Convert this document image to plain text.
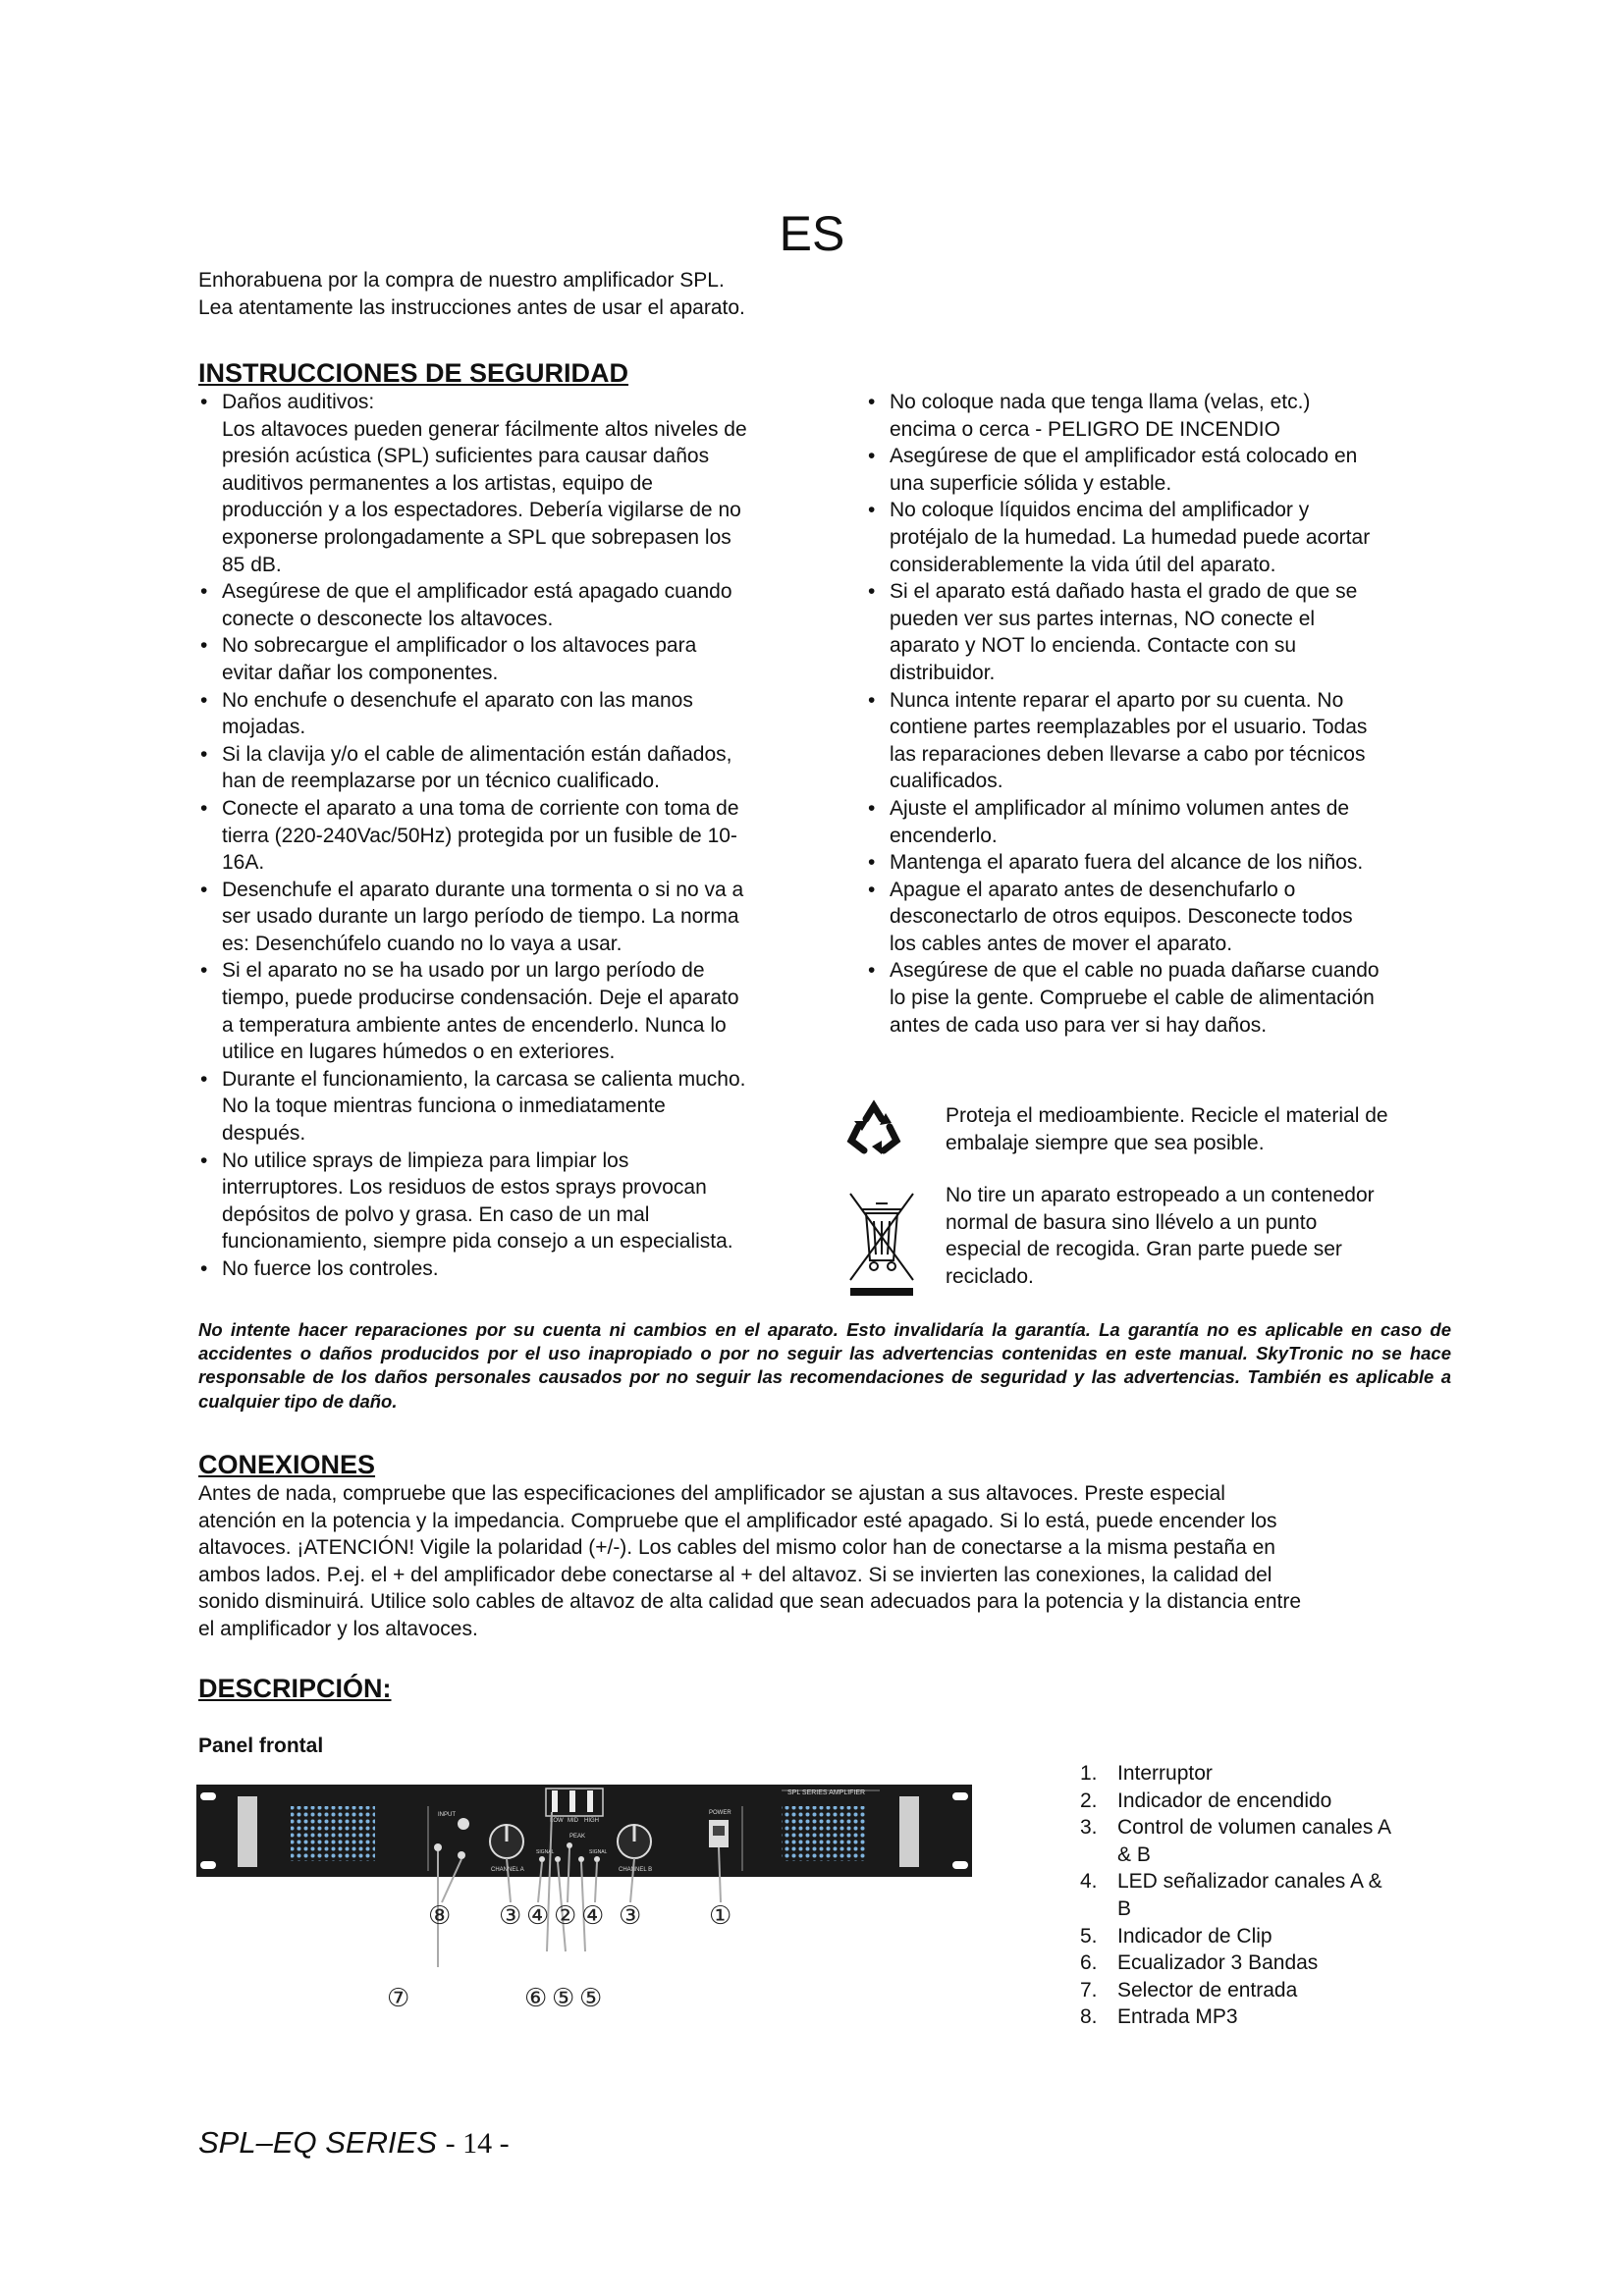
ES
Enhorabuena por la compra de nuestro amplificador SPL.
Lea atentamente las instrucciones antes de usar el aparato.
INSTRUCCIONES DE SEGURIDAD
• Daños auditivos:
Los altavoces pueden generar fácilmente altos niveles de
presión acústica (SPL) suficientes para causar daños
auditivos permanentes a los artistas, equipo de
producción y a los espectadores. Debería vigilarse de no
exponerse prolongadamente a SPL que sobrepasen los
85 dB.
• Asegúrese de que el amplificador está apagado cuando
conecte o desconecte los altavoces.
• No sobrecargue el amplificador o los altavoces para
evitar dañar los componentes.
• No enchufe o desenchufe el aparato con las manos
mojadas.
• Si la clavija y/o el cable de alimentación están dañados,
han de reemplazarse por un técnico cualificado.
• Conecte el aparato a una toma de corriente con toma de
tierra (220-240Vac/50Hz) protegida por un fusible de 10-
16A.
• Desenchufe el aparato durante una tormenta o si no va a
ser usado durante un largo período de tiempo. La norma
es: Desenchúfelo cuando no lo vaya a usar.
• Si el aparato no se ha usado por un largo período de
tiempo, puede producirse condensación. Deje el aparato
a temperatura ambiente antes de encenderlo. Nunca lo
utilice en lugares húmedos o en exteriores.
• Durante el funcionamiento, la carcasa se calienta mucho.
No la toque mientras funciona o inmediatamente
después.
• No utilice sprays de limpieza para limpiar los
interruptores. Los residuos de estos sprays provocan
depósitos de polvo y grasa. En caso de un mal
funcionamiento, siempre pida consejo a un especialista.
• No fuerce los controles.
• No coloque nada que tenga llama (velas, etc.)
encima o cerca - PELIGRO DE INCENDIO
• Asegúrese de que el amplificador está colocado en
una superficie sólida y estable.
• No coloque líquidos encima del amplificador y
protéjalo de la humedad. La humedad puede acortar
considerablemente la vida útil del aparato.
• Si el aparato está dañado hasta el grado de que se
pueden ver sus partes internas, NO conecte el
aparato y NOT lo encienda. Contacte con su
distribuidor.
• Nunca intente reparar el aparto por su cuenta. No
contiene partes reemplazables por el usuario. Todas
las reparaciones deben llevarse a cabo por técnicos
cualificados.
• Ajuste el amplificador al mínimo volumen antes de
encenderlo.
• Mantenga el aparato fuera del alcance de los niños.
• Apague el aparato antes de desenchufarlo o
desconectarlo de otros equipos. Desconecte todos
los cables antes de mover el aparato.
• Asegúrese de que el cable no puada dañarse cuando
lo pise la gente. Compruebe el cable de alimentación
antes de cada uso para ver si hay daños.
Proteja el medioambiente. Recicle el material de
embalaje siempre que sea posible.
No tire un aparato estropeado a un contenedor
normal de basura sino llévelo a un punto
especial de recogida. Gran parte puede ser
reciclado.
No intente hacer reparaciones por su cuenta ni cambios en el aparato. Esto invalidaría la garantía. La garantía no es aplicable en caso de accidentes o daños producidos por el uso inapropiado o por no seguir las advertencias contenidas en este manual. SkyTronic no se hace responsable de los daños personales causados por no seguir las recomendaciones de seguridad y las advertencias. También es aplicable a cualquier tipo de daño.
CONEXIONES
Antes de nada, compruebe que las especificaciones del amplificador se ajustan a sus altavoces. Preste especial
atención en la potencia y la impedancia. Compruebe que el amplificador esté apagado. Si lo está, puede encender los
altavoces. ¡ATENCIÓN! Vigile la polaridad (+/-). Los cables del mismo color han de conectarse a la misma pestaña en
ambos lados. P.ej. el + del amplificador debe conectarse al + del altavoz. Si se invierten las conexiones, la calidad del
sonido disminuirá. Utilice solo cables de altavoz de alta calidad que sean adecuados para la potencia y la distancia entre
el amplificador y los altavoces.
DESCRIPCIÓN:
Panel frontal
SPL SERIES AMPLIFIER
LOW MID HIGH
PEAK
INPUT
CHANNEL A
SIGNAL	SIGNAL
CHANNEL B
POWER
⑧ ③ ④ ② ④ ③	①
⑦	⑥ ⑤ ⑤
1. Interruptor
2. Indicador de encendido
3. Control de volumen canales A
& B
4. LED señalizador canales A &
B
5. Indicador de Clip
6. Ecualizador 3 Bandas
7. Selector de entrada
8. Entrada MP3
SPL–EQ SERIES - 14 -
